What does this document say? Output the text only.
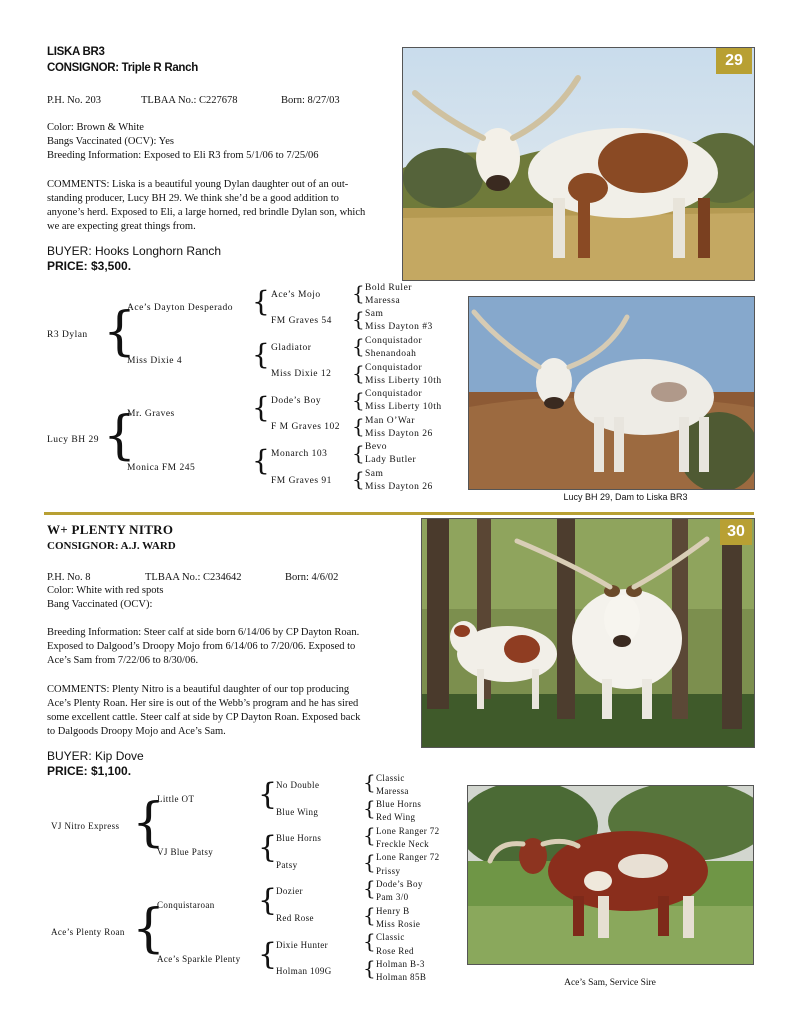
LISKA BR3
CONSIGNOR: Triple R Ranch
P.H. No. 203	TLBAA No.: C227678	Born: 8/27/03
Color: Brown & White
Bangs Vaccinated (OCV): Yes
Breeding Information: Exposed to Eli R3 from 5/1/06 to 7/25/06
COMMENTS: Liska is a beautiful young Dylan daughter out of an out-
standing producer, Lucy BH 29. We think she’d be a good addition to
anyone’s herd. Exposed to Eli, a large horned, red brindle Dylan son, which
we are expecting great things from.
BUYER: Hooks Longhorn Ranch
PRICE: $3,500.
29
Lucy BH 29, Dam to Liska BR3
R3 Dylan
Lucy BH 29
{
{
Ace’s Dayton Desperado
Miss Dixie 4
Mr. Graves
Monica FM 245
{
{
{
{
Ace’s Mojo
FM Graves 54
Gladiator
Miss Dixie 12
Dode’s Boy
F M Graves 102
Monarch 103
FM Graves 91
{
{
{
{
{
{
{
{
Bold Ruler
Maressa
Sam
Miss Dayton #3
Conquistador
Shenandoah
Conquistador
Miss Liberty 10th
Conquistador
Miss Liberty 10th
Man O’War
Miss Dayton 26
Bevo
Lady Butler
Sam
Miss Dayton 26
W+ PLENTY NITRO
CONSIGNOR: A.J. WARD
P.H. No. 8	TLBAA No.: C234642	Born: 4/6/02
Color: White with red spots
Bang Vaccinated (OCV):
Breeding Information: Steer calf at side born 6/14/06 by CP Dayton Roan.
Exposed to Dalgood’s Droopy Mojo from 6/14/06 to 7/20/06. Exposed to
Ace’s Sam from 7/22/06 to 8/30/06.
COMMENTS: Plenty Nitro is a beautiful daughter of our top producing
Ace’s Plenty Roan. Her sire is out of the Webb’s program and he has sired
some excellent cattle. Steer calf at side by CP Dayton Roan. Exposed back
to Dalgoods Droopy Mojo and Ace’s Sam.
BUYER: Kip Dove
PRICE: $1,100.
30
Ace’s Sam, Service Sire
VJ Nitro Express
Ace’s Plenty Roan
{
{
Little OT
VJ Blue Patsy
Conquistaroan
Ace’s Sparkle Plenty
{
{
{
{
No Double
Blue Wing
Blue Horns
Patsy
Dozier
Red Rose
Dixie Hunter
Holman 109G
{
{
{
{
{
{
{
{
Classic
Maressa
Blue Horns
Red Wing
Lone Ranger 72
Freckle Neck
Lone Ranger 72
Prissy
Dode’s Boy
Pam 3/0
Henry B
Miss Rosie
Classic
Rose Red
Holman B-3
Holman 85B
